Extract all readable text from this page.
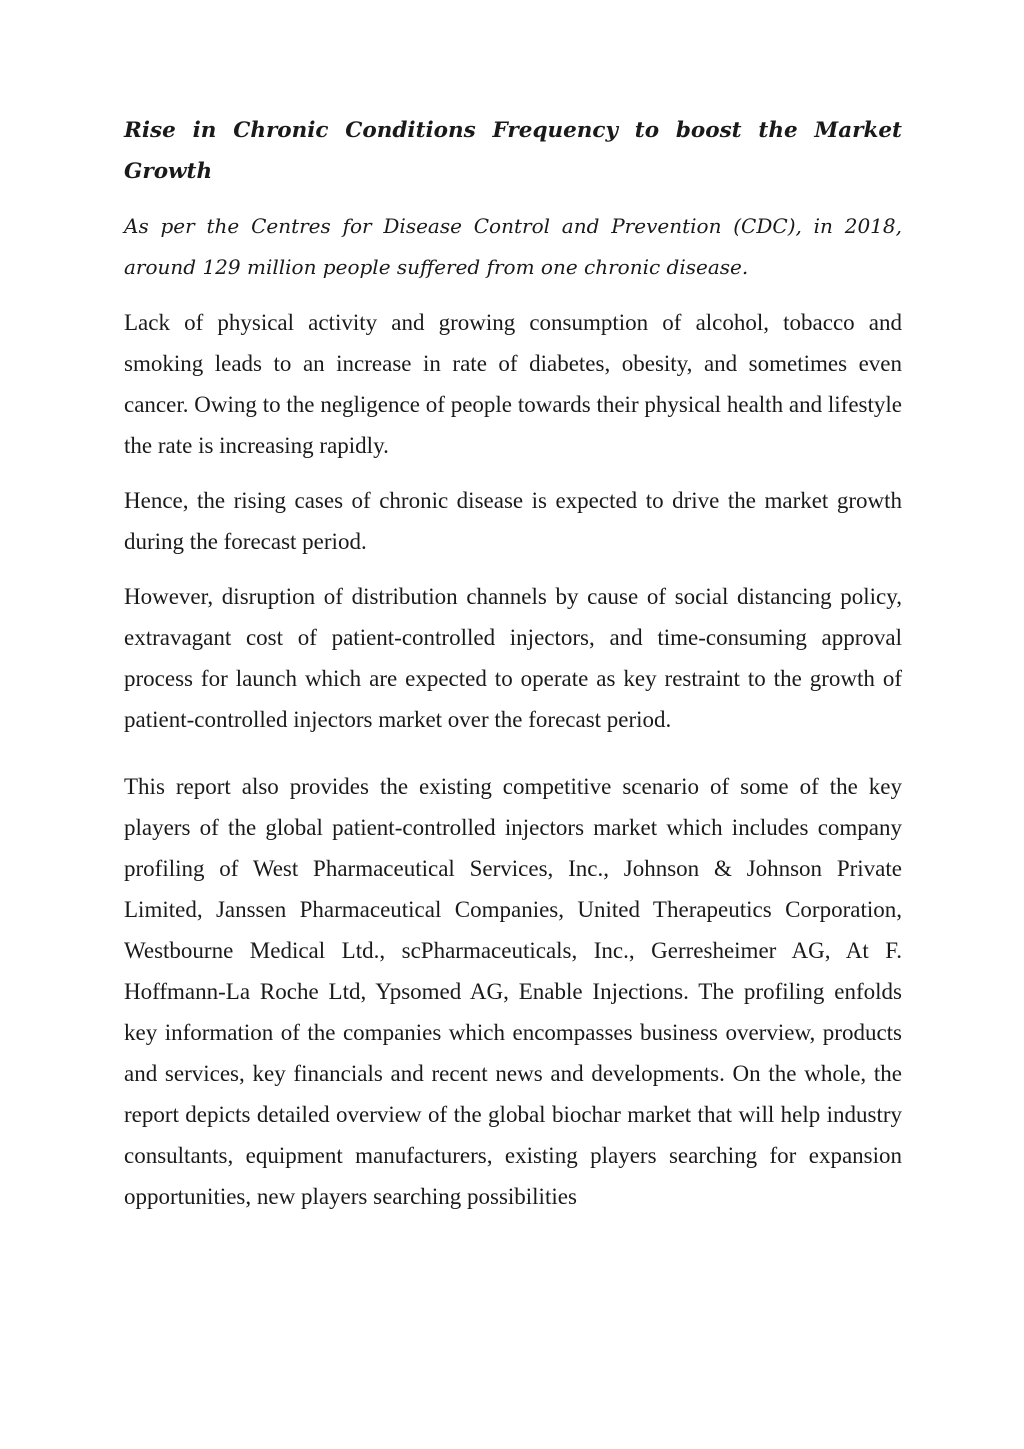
Rise in Chronic Conditions Frequency to boost the Market Growth

As per the Centres for Disease Control and Prevention (CDC), in 2018, around 129 million people suffered from one chronic disease.

Lack of physical activity and growing consumption of alcohol, tobacco and smoking leads to an increase in rate of diabetes, obesity, and sometimes even cancer. Owing to the negligence of people towards their physical health and lifestyle the rate is increasing rapidly.

Hence, the rising cases of chronic disease is expected to drive the market growth during the forecast period.

However, disruption of distribution channels by cause of social distancing policy, extravagant cost of patient-controlled injectors, and time-consuming approval process for launch which are expected to operate as key restraint to the growth of patient-controlled injectors market over the forecast period.

This report also provides the existing competitive scenario of some of the key players of the global patient-controlled injectors market which includes company profiling of West Pharmaceutical Services, Inc., Johnson & Johnson Private Limited, Janssen Pharmaceutical Companies, United Therapeutics Corporation, Westbourne Medical Ltd., scPharmaceuticals, Inc., Gerresheimer AG, At F. Hoffmann-La Roche Ltd, Ypsomed AG, Enable Injections. The profiling enfolds key information of the companies which encompasses business overview, products and services, key financials and recent news and developments. On the whole, the report depicts detailed overview of the global biochar market that will help industry consultants, equipment manufacturers, existing players searching for expansion opportunities, new players searching possibilities
